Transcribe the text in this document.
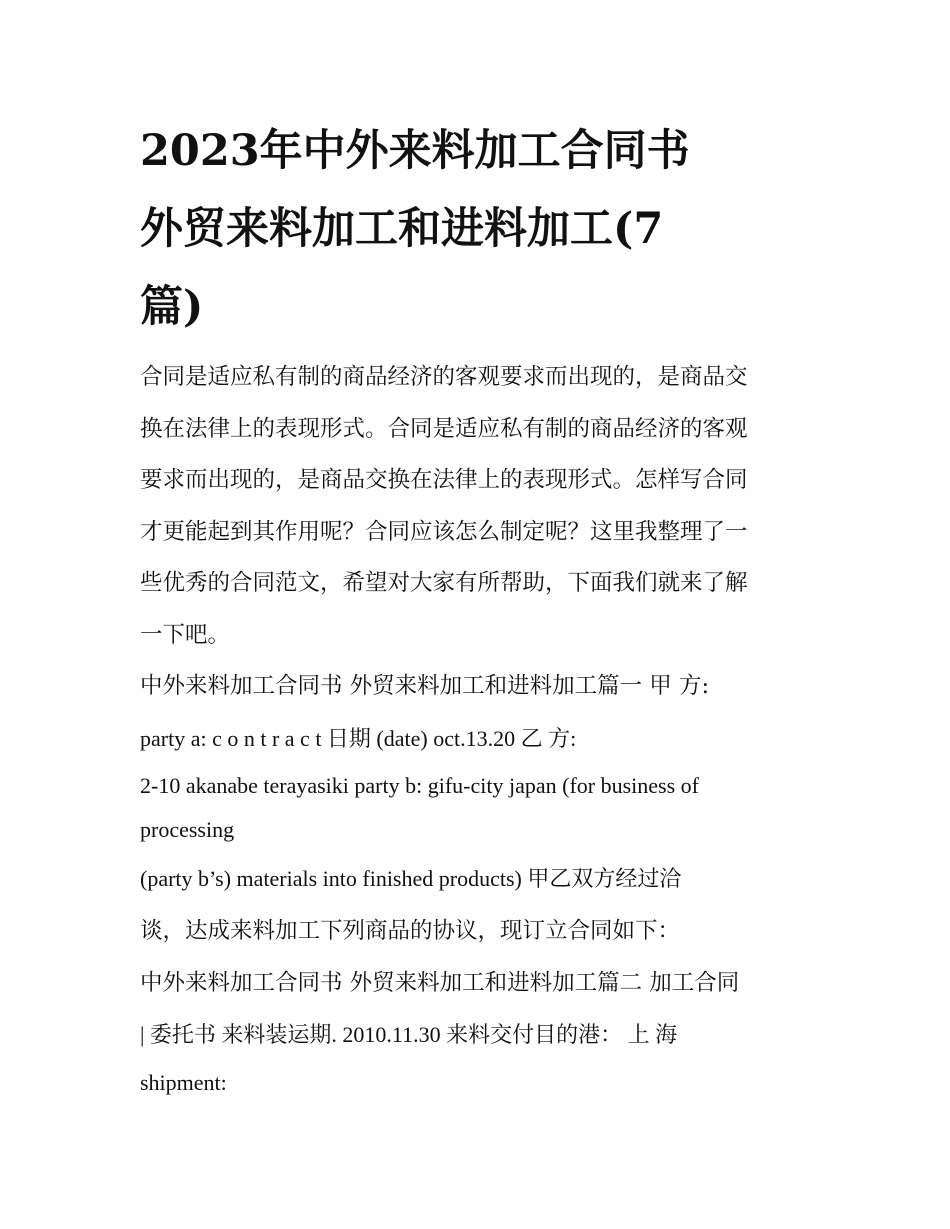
2023年中外来料加工合同书
外贸来料加工和进料加工(7
篇)

合同是适应私有制的商品经济的客观要求而出现的，是商品交
换在法律上的表现形式。合同是适应私有制的商品经济的客观
要求而出现的，是商品交换在法律上的表现形式。怎样写合同
才更能起到其作用呢？合同应该怎么制定呢？这里我整理了一
些优秀的合同范文，希望对大家有所帮助，下面我们就来了解
一下吧。

中外来料加工合同书 外贸来料加工和进料加工篇一 甲 方:
party a: c o n t r a c t 日期 (date) oct.13.20 乙 方:

2-10 akanabe terayasiki party b: gifu-city japan (for business of
processing
(party b’s) materials into finished products) 甲乙双方经过洽

谈，达成来料加工下列商品的协议，现订立合同如下：

中外来料加工合同书 外贸来料加工和进料加工篇二 加工合同
| 委托书 来料装运期. 2010.11.30 来料交付目的港： 上 海
shipment:
